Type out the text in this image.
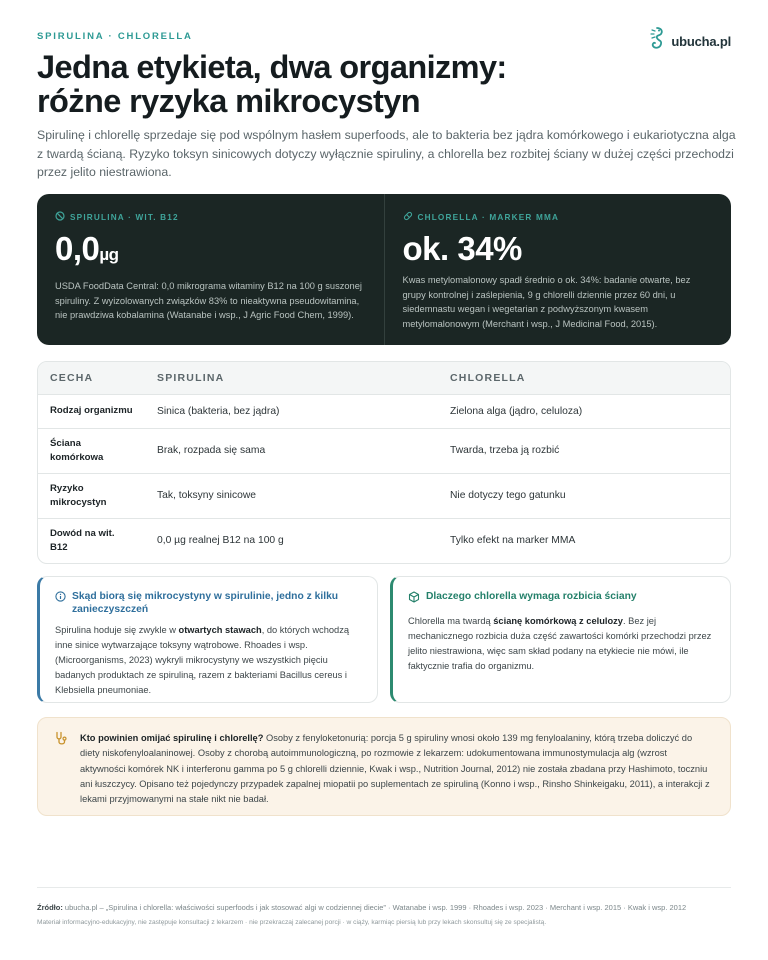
SPIRULINA · CHLORELLA	ubucha.pl
Jedna etykieta, dwa organizmy:
różne ryzyka mikrocystyn

Spirulinę i chlorellę sprzedaje się pod wspólnym hasłem superfoods, ale to bakteria bez jądra komórkowego i eukariotyczna alga z twardą ścianą. Ryzyko toksyn sinicowych dotyczy wyłącznie spiruliny, a chlorella bez rozbitej ściany w dużej części przechodzi przez jelito niestrawiona.

SPIRULINA · WIT. B12
0,0µg
USDA FoodData Central: 0,0 mikrograma witaminy B12 na 100 g suszonej spiruliny. Z wyizolowanych związków 83% to nieaktywna pseudowitamina, nie prawdziwa kobalamina (Watanabe i wsp., J Agric Food Chem, 1999).
CHLORELLA · MARKER MMA
ok. 34%
Kwas metylomalonowy spadł średnio o ok. 34%: badanie otwarte, bez grupy kontrolnej i zaślepienia, 9 g chlorelli dziennie przez 60 dni, u siedemnastu wegan i wegetarian z podwyższonym kwasem metylomalonowym (Merchant i wsp., J Medicinal Food, 2015).
CECHA	SPIRULINA	CHLORELLA
Rodzaj organizmu	Sinica (bakteria, bez jądra)	Zielona alga (jądro, celuloza)
Ściana komórkowa	Brak, rozpada się sama	Twarda, trzeba ją rozbić
Ryzyko mikrocystyn	Tak, toksyny sinicowe	Nie dotyczy tego gatunku
Dowód na wit. B12	0,0 µg realnej B12 na 100 g	Tylko efekt na marker MMA
Skąd biorą się mikrocystyny w spirulinie, jedno z kilku zanieczyszczeń
Spirulina hoduje się zwykle w otwartych stawach, do których wchodzą inne sinice wytwarzające toksyny wątrobowe. Rhoades i wsp. (Microorganisms, 2023) wykryli mikrocystyny we wszystkich pięciu badanych produktach ze spiruliną, razem z bakteriami Bacillus cereus i Klebsiella pneumoniae.
Dlaczego chlorella wymaga rozbicia ściany
Chlorella ma twardą ścianę komórkową z celulozy. Bez jej mechanicznego rozbicia duża część zawartości komórki przechodzi przez jelito niestrawiona, więc sam skład podany na etykiecie nie mówi, ile faktycznie trafia do organizmu.
Kto powinien omijać spirulinę i chlorellę? Osoby z fenyloketonurią: porcja 5 g spiruliny wnosi około 139 mg fenyloalaniny, którą trzeba doliczyć do diety niskofenyloalaninowej. Osoby z chorobą autoimmunologiczną, po rozmowie z lekarzem: udokumentowana immunostymulacja alg (wzrost aktywności komórek NK i interferonu gamma po 5 g chlorelli dziennie, Kwak i wsp., Nutrition Journal, 2012) nie została zbadana przy Hashimoto, toczniu ani łuszczycy. Opisano też pojedynczy przypadek zapalnej miopatii po suplementach ze spiruliną (Konno i wsp., Rinsho Shinkeigaku, 2011), a interakcji z lekami przyjmowanymi na stałe nikt nie badał.
Źródło: ubucha.pl – „Spirulina i chlorella: właściwości superfoods i jak stosować algi w codziennej diecie” · Watanabe i wsp. 1999 · Rhoades i wsp. 2023 · Merchant i wsp. 2015 · Kwak i wsp. 2012
Materiał informacyjno-edukacyjny, nie zastępuje konsultacji z lekarzem · nie przekraczaj zalecanej porcji · w ciąży, karmiąc piersią lub przy lekach skonsultuj się ze specjalistą.
